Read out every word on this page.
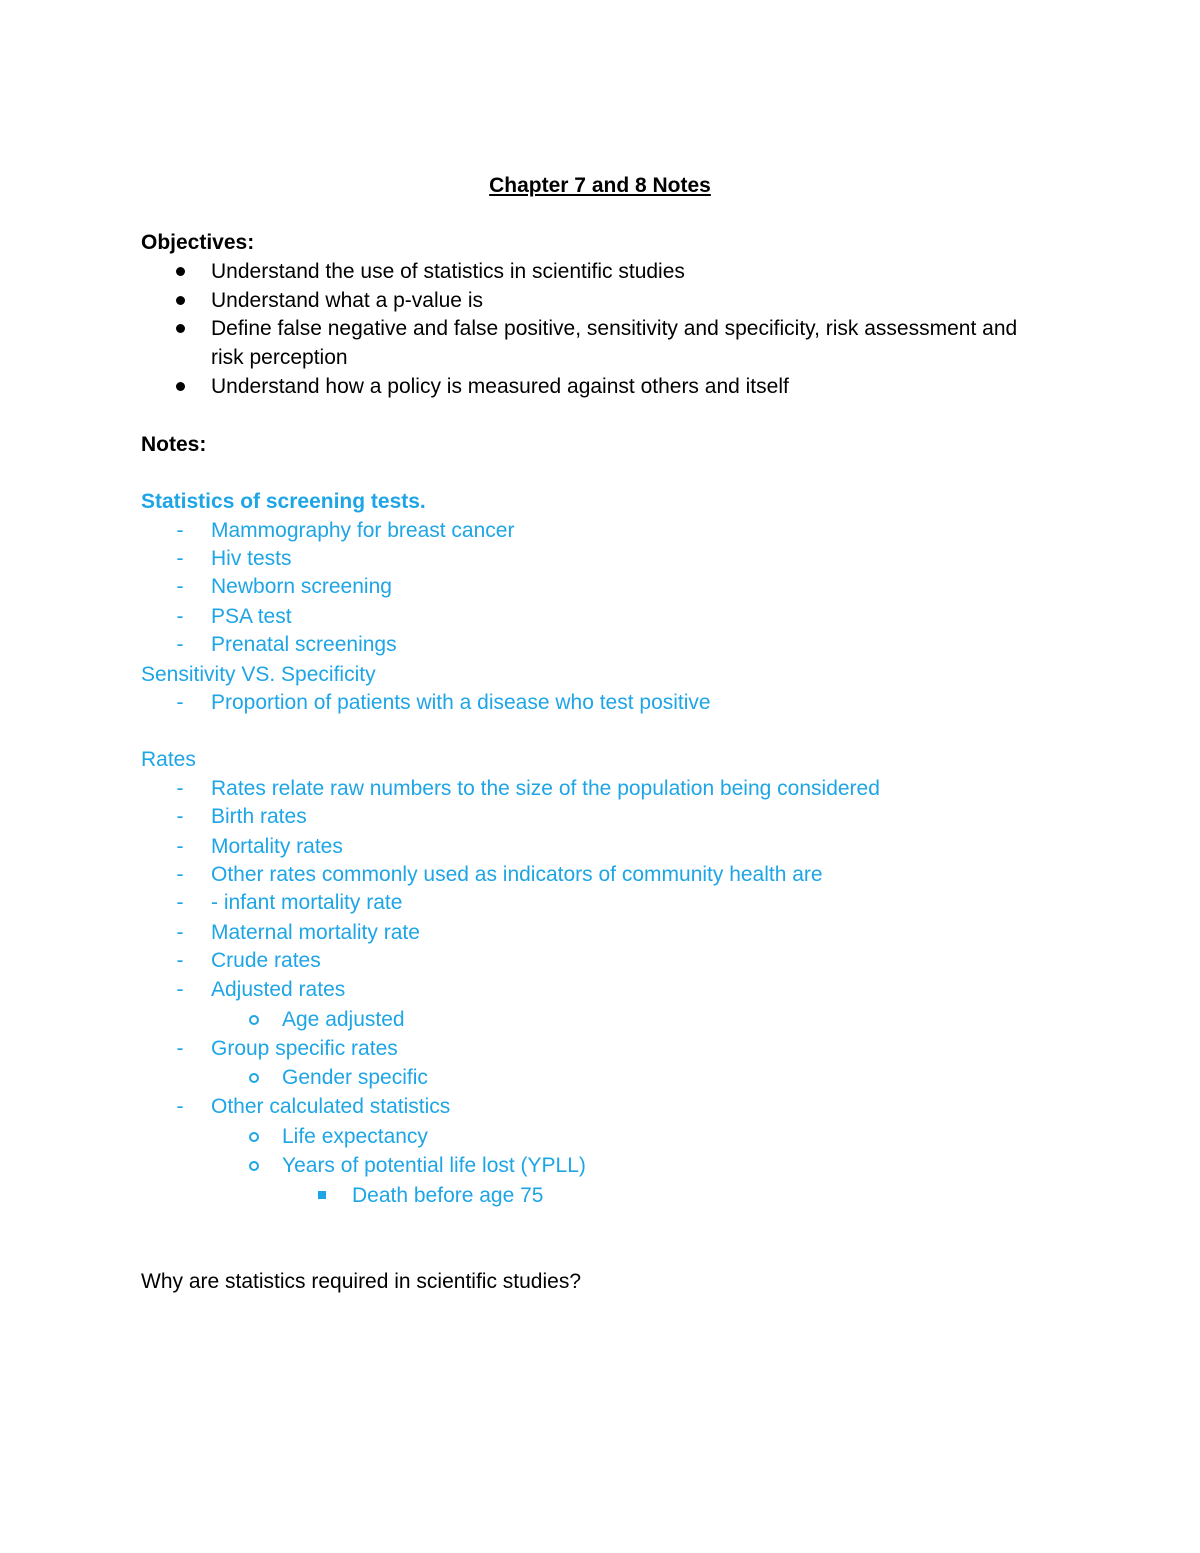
Chapter 7 and 8 Notes
Objectives:
Understand the use of statistics in scientific studies
Understand what a p-value is
Define false negative and false positive, sensitivity and specificity, risk assessment and
risk perception
Understand how a policy is measured against others and itself
Notes:
Statistics of screening tests.
-	Mammography for breast cancer
-	Hiv tests
-	Newborn screening
-	PSA test
-	Prenatal screenings
Sensitivity VS. Specificity
-	Proportion of patients with a disease who test positive
Rates
-	Rates relate raw numbers to the size of the population being considered
-	Birth rates
-	Mortality rates
-	Other rates commonly used as indicators of community health are
-	- infant mortality rate
-	Maternal mortality rate
-	Crude rates
-	Adjusted rates
Age adjusted
-	Group specific rates
Gender specific
-	Other calculated statistics
Life expectancy
Years of potential life lost (YPLL)
Death before age 75
Why are statistics required in scientific studies?
